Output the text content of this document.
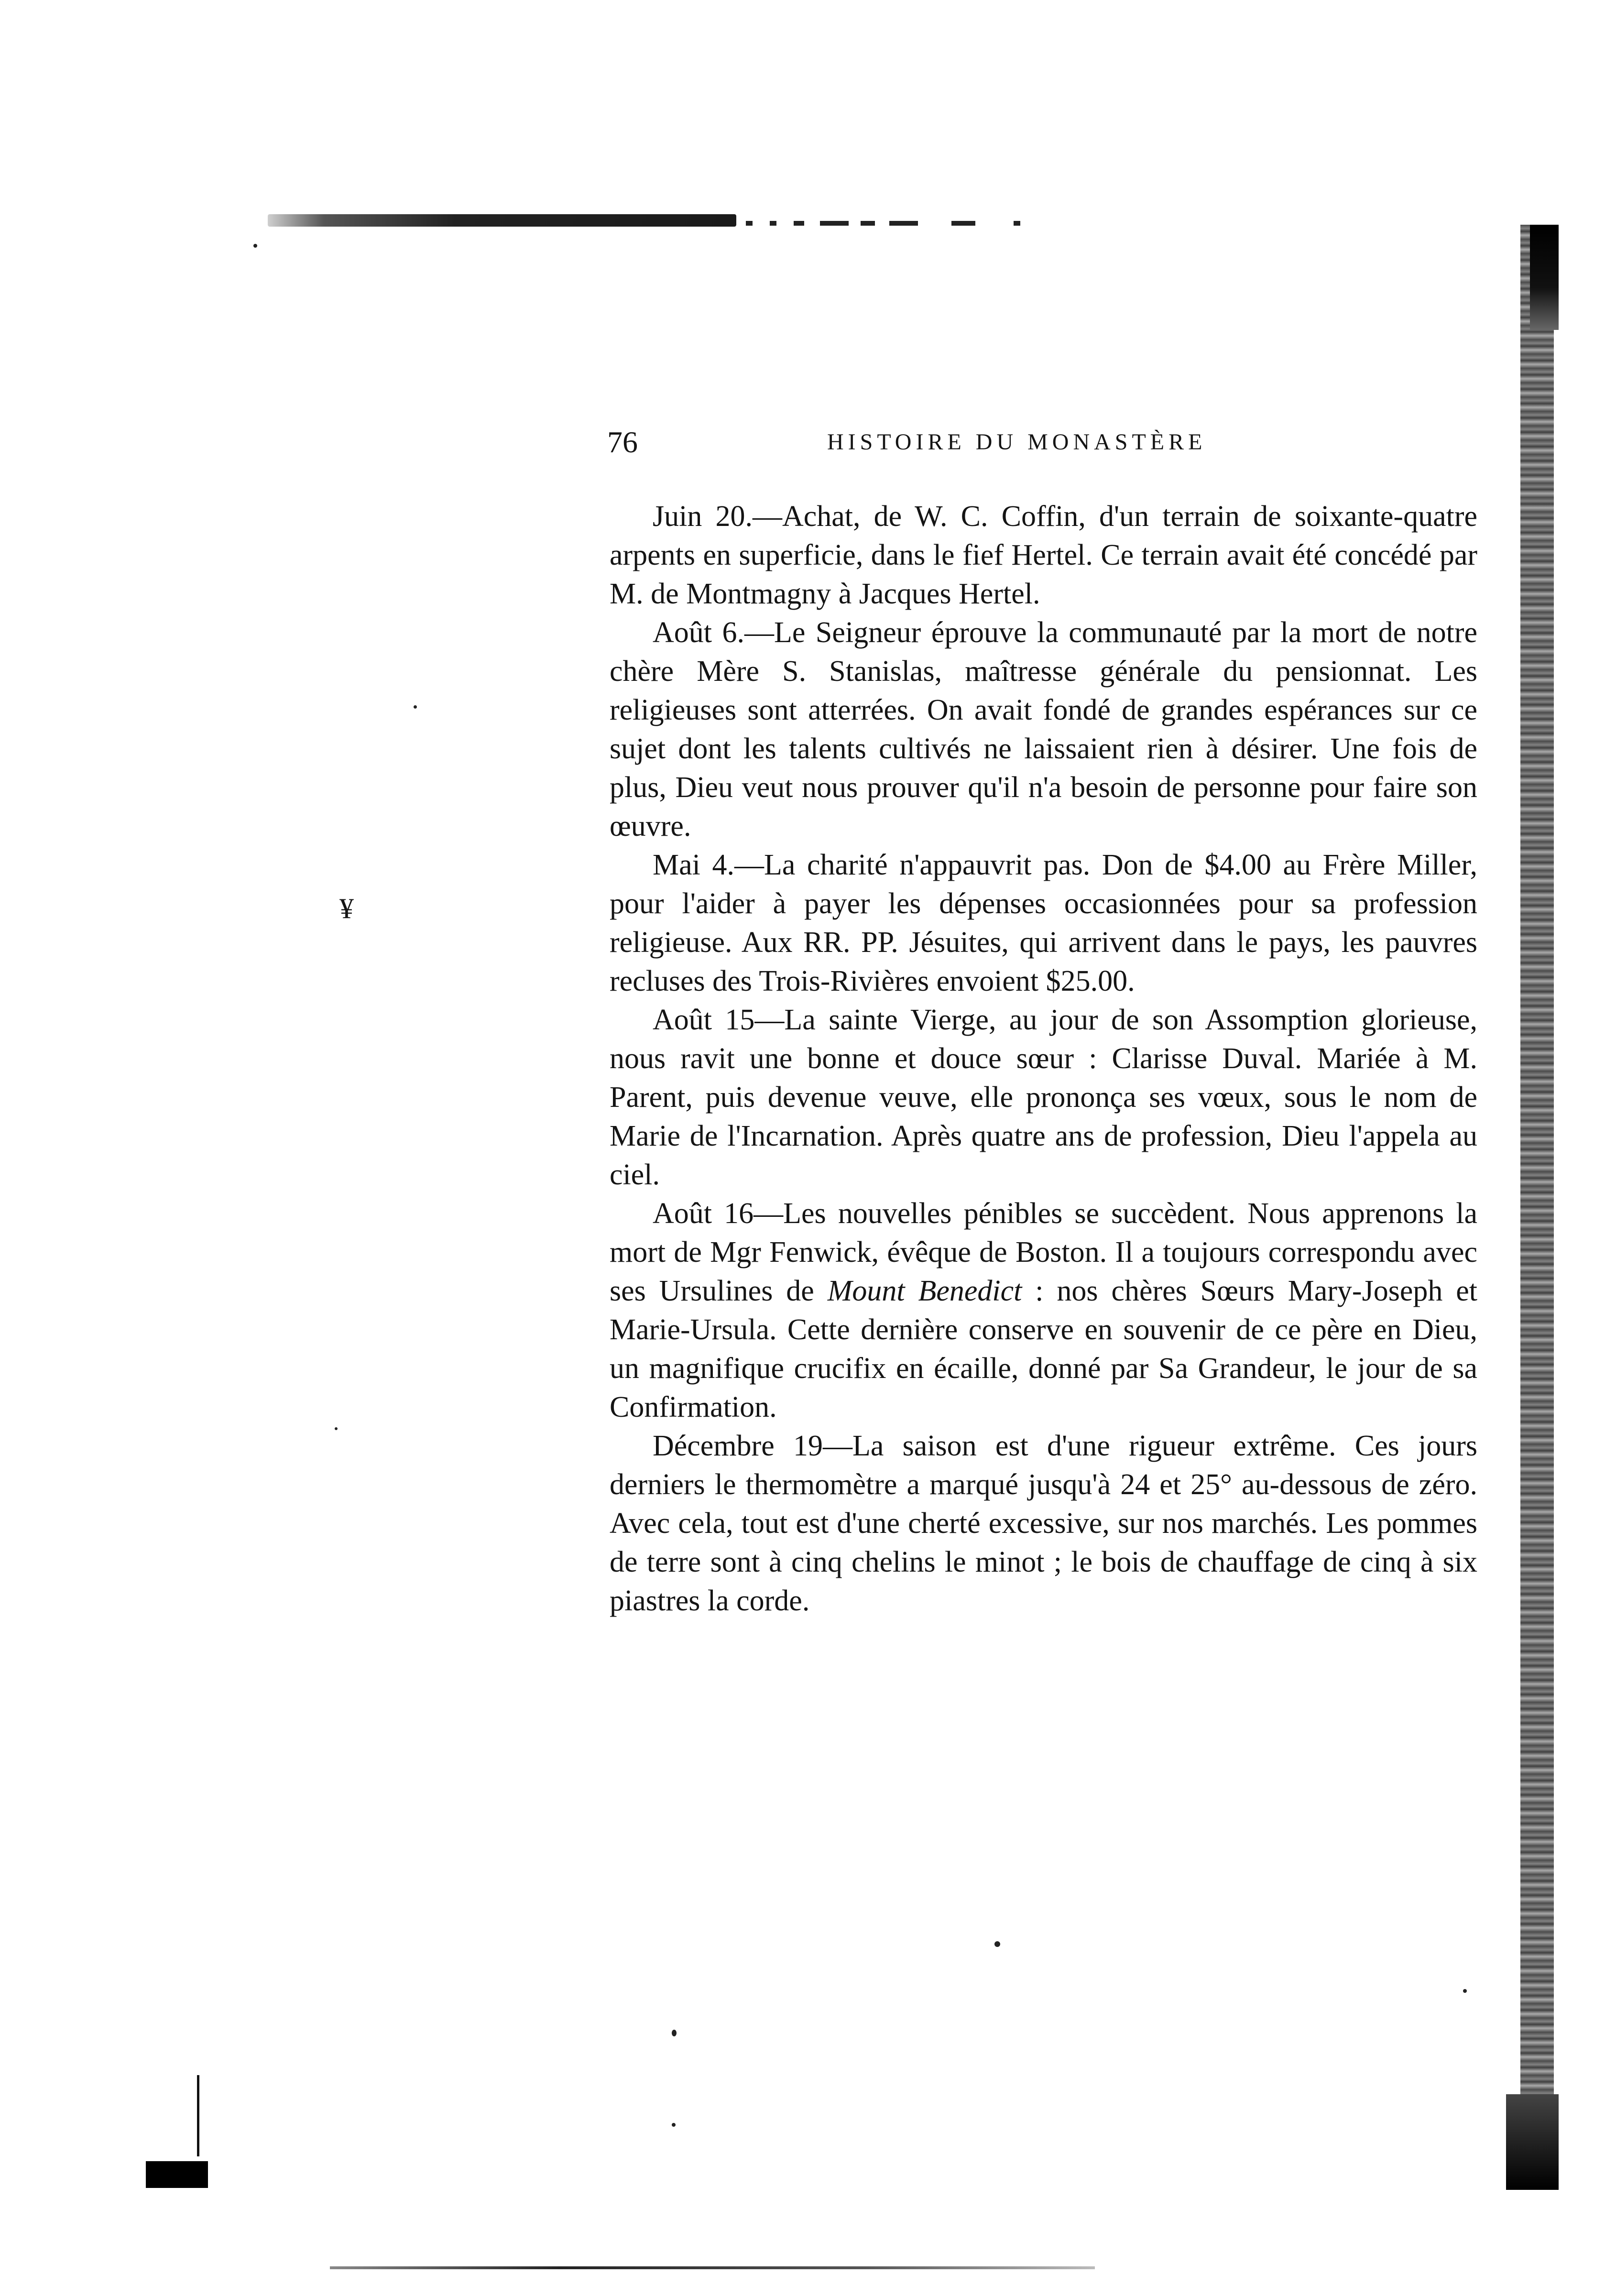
¥
76	HISTOIRE DU MONASTÈRE

Juin 20.—Achat, de W. C. Coffin, d'un terrain de soixante-quatre arpents en superficie, dans le fief Hertel. Ce terrain avait été concédé par M. de Montmagny à Jacques Hertel.

Août 6.—Le Seigneur éprouve la communauté par la mort de notre chère Mère S. Stanislas, maîtresse générale du pensionnat. Les religieuses sont atterrées. On avait fondé de grandes espérances sur ce sujet dont les talents cultivés ne laissaient rien à désirer. Une fois de plus, Dieu veut nous prouver qu'il n'a besoin de personne pour faire son œuvre.

Mai 4.—La charité n'appauvrit pas. Don de $4.00 au Frère Miller, pour l'aider à payer les dépenses occasionnées pour sa profession religieuse. Aux RR. PP. Jésuites, qui arrivent dans le pays, les pauvres recluses des Trois-Rivières envoient $25.00.

Août 15—La sainte Vierge, au jour de son Assomption glorieuse, nous ravit une bonne et douce sœur : Clarisse Duval. Mariée à M. Parent, puis devenue veuve, elle prononça ses vœux, sous le nom de Marie de l'Incarnation. Après quatre ans de profession, Dieu l'appela au ciel.

Août 16—Les nouvelles pénibles se succèdent. Nous apprenons la mort de Mgr Fenwick, évêque de Boston. Il a toujours correspondu avec ses Ursulines de Mount Benedict : nos chères Sœurs Mary-Joseph et Marie-Ursula. Cette dernière conserve en souvenir de ce père en Dieu, un magnifique crucifix en écaille, donné par Sa Grandeur, le jour de sa Confirmation.

Décembre 19—La saison est d'une rigueur extrême. Ces jours derniers le thermomètre a marqué jusqu'à 24 et 25° au-dessous de zéro. Avec cela, tout est d'une cherté excessive, sur nos marchés. Les pommes de terre sont à cinq chelins le minot ; le bois de chauffage de cinq à six piastres la corde.
